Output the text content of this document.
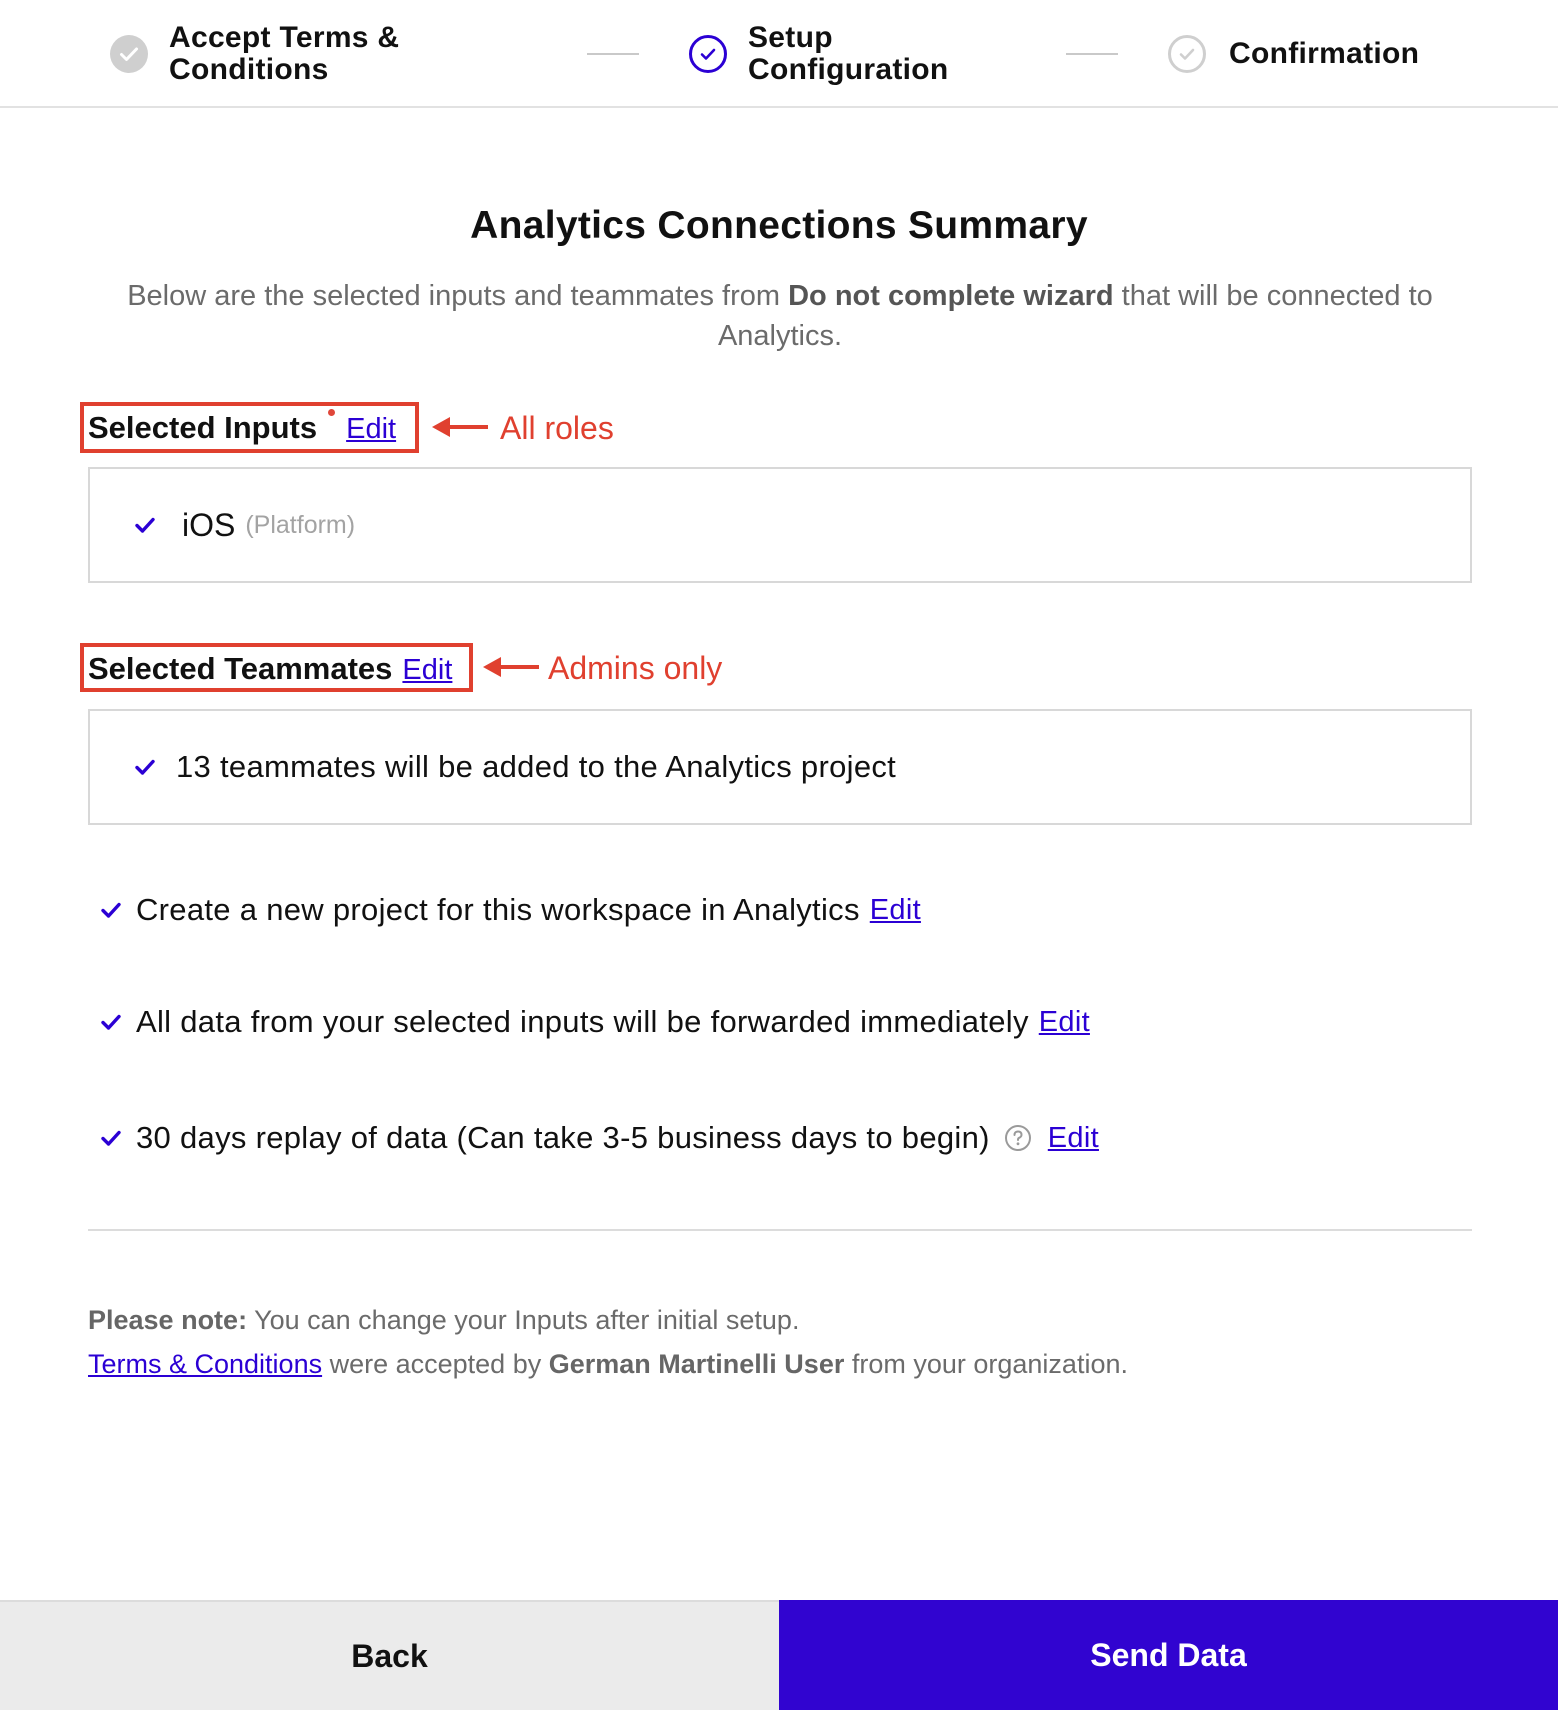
Accept Terms &
Conditions
Setup
Configuration	Confirmation
Analytics Connections Summary

Below are the selected inputs and teammates from Do not complete wizard that will be connected to Analytics.

Selected Inputs Edit	All roles
iOS (Platform)
Selected Teammates Edit	Admins only
13 teammates will be added to the Analytics project
Create a new project for this workspace in Analytics Edit
All data from your selected inputs will be forwarded immediately Edit
30 days replay of data (Can take 3-5 business days to begin) Edit
Please note: You can change your Inputs after initial setup.
Terms & Conditions were accepted by German Martinelli User from your organization.
Back	Send Data
